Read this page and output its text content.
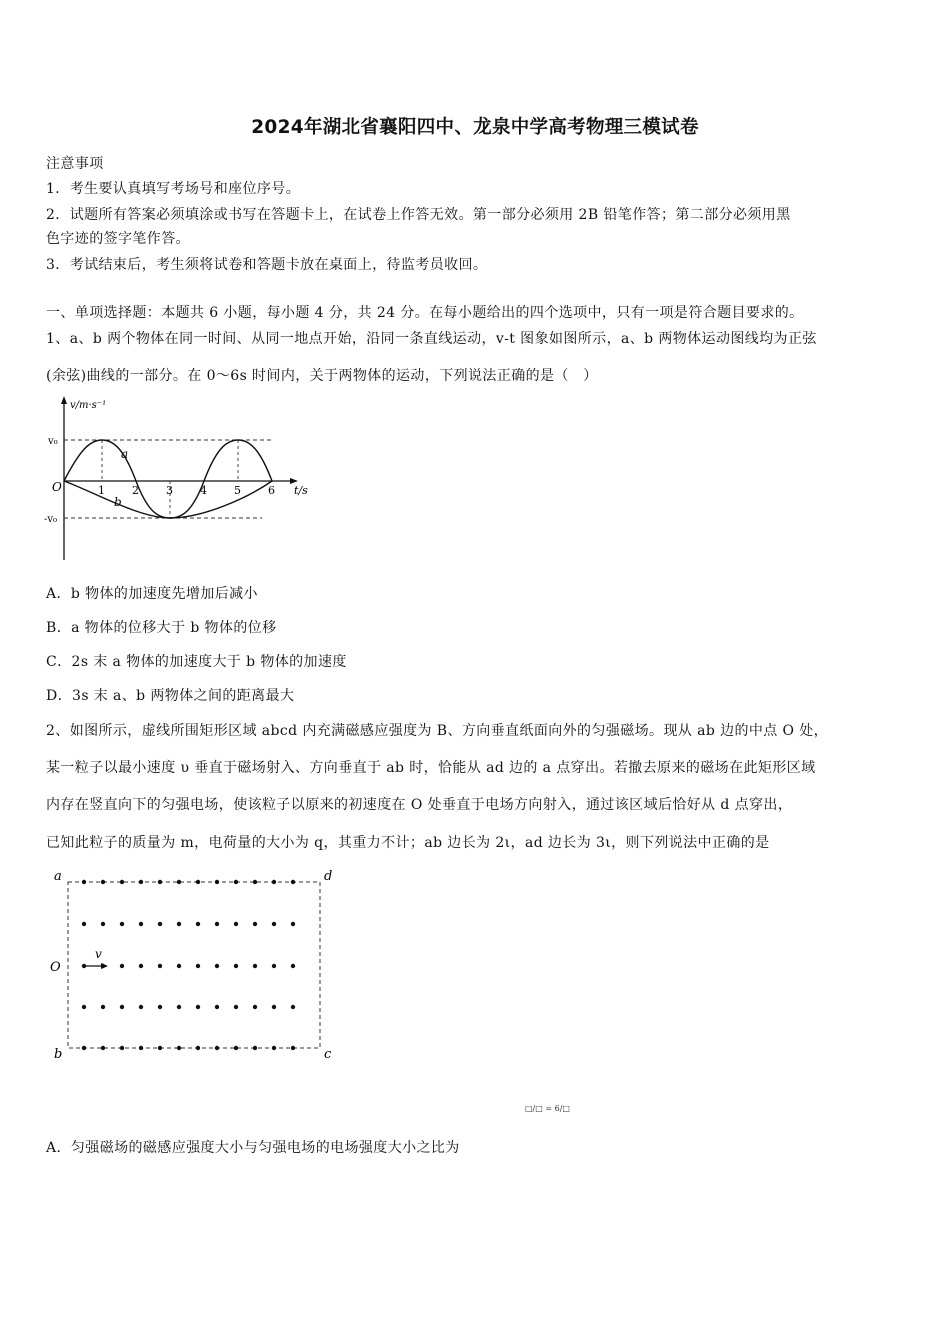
2024年湖北省襄阳四中、龙泉中学高考物理三模试卷
注意事项
1．考生要认真填写考场号和座位序号。
2．试题所有答案必须填涂或书写在答题卡上，在试卷上作答无效。第一部分必须用 2B 铅笔作答；第二部分必须用黑
色字迹的签字笔作答。
3．考试结束后，考生须将试卷和答题卡放在桌面上，待监考员收回。
一、单项选择题：本题共 6 小题，每小题 4 分，共 24 分。在每小题给出的四个选项中，只有一项是符合题目要求的。
1、a、b 两个物体在同一时间、从同一地点开始，沿同一条直线运动，v-t 图象如图所示，a、b 两物体运动图线均为正弦
(余弦)曲线的一部分。在 0～6s 时间内，关于两物体的运动，下列说法正确的是（　）
v/m·s⁻¹
t/s
v₀
-v₀
O	1 2 3 4 5 6
a
b
A．b 物体的加速度先增加后减小
B．a 物体的位移大于 b 物体的位移
C．2s 末 a 物体的加速度大于 b 物体的加速度
D．3s 末 a、b 两物体之间的距离最大
2、如图所示，虚线所围矩形区域 abcd 内充满磁感应强度为 B、方向垂直纸面向外的匀强磁场。现从 ab 边的中点 O 处，
某一粒子以最小速度 υ 垂直于磁场射入、方向垂直于 ab 时，恰能从 ad 边的 a 点穿出。若撤去原来的磁场在此矩形区域
内存在竖直向下的匀强电场，使该粒子以原来的初速度在 O 处垂直于电场方向射入，通过该区域后恰好从 d 点穿出，
已知此粒子的质量为 m，电荷量的大小为 q，其重力不计；ab 边长为 2ι，ad 边长为 3ι，则下列说法中正确的是
a	d
b	c
O
v
□/□ = 6/□
A．匀强磁场的磁感应强度大小与匀强电场的电场强度大小之比为
